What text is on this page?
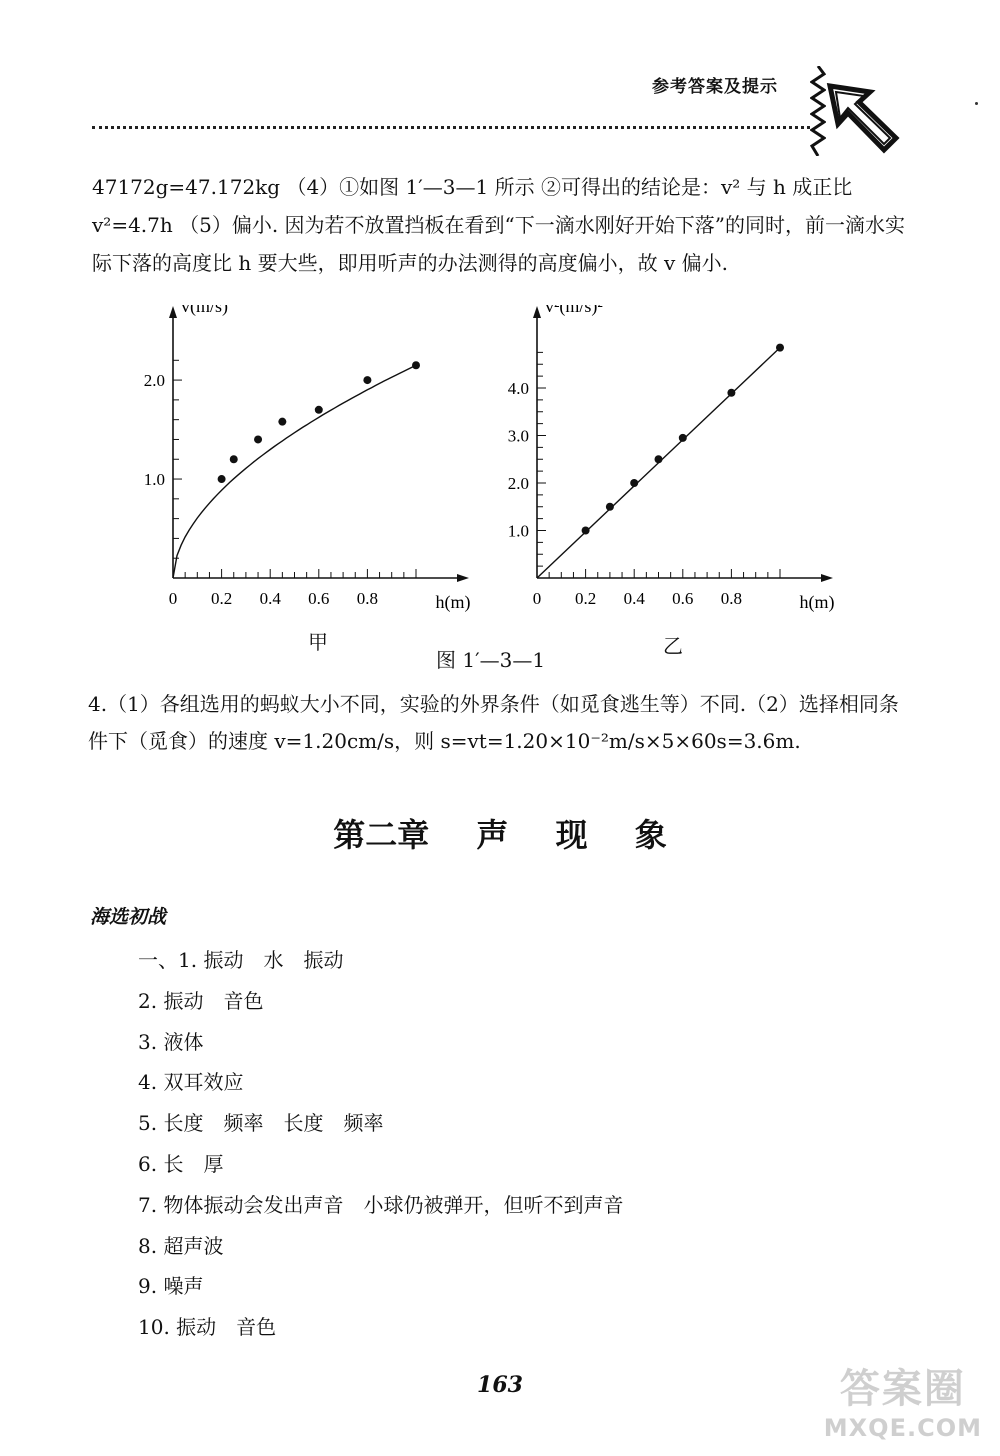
参考答案及提示
47172g=47.172kg （4）①如图 1′—3—1 所示 ②可得出的结论是：v² 与 h 成正比 v²=4.7h （5）偏小. 因为若不放置挡板在看到“下一滴水刚好开始下落”的同时，前一滴水实际下落的高度比 h 要大些，即用听声的办法测得的高度偏小，故 v 偏小.
0 0.2 0.4 0.6 0.8
1.0
2.0
h(m)
v(m/s)
0 0.2 0.4 0.6 0.8
1.0
2.0
3.0
4.0
h(m)
v²(m/s)²
甲	乙
图 1′—3—1
4.（1）各组选用的蚂蚁大小不同，实验的外界条件（如觅食逃生等）不同.（2）选择相同条件下（觅食）的速度 v=1.20cm/s，则 s=vt=1.20×10⁻²m/s×5×60s=3.6m.
第二章 声 现 象
海选初战
一、1. 振动　水　振动
2. 振动　音色
3. 液体
4. 双耳效应
5. 长度　频率　长度　频率
6. 长　厚
7. 物体振动会发出声音　小球仍被弹开，但听不到声音
8. 超声波
9. 噪声
10. 振动　音色
163	答案圈
MXQE.COM
